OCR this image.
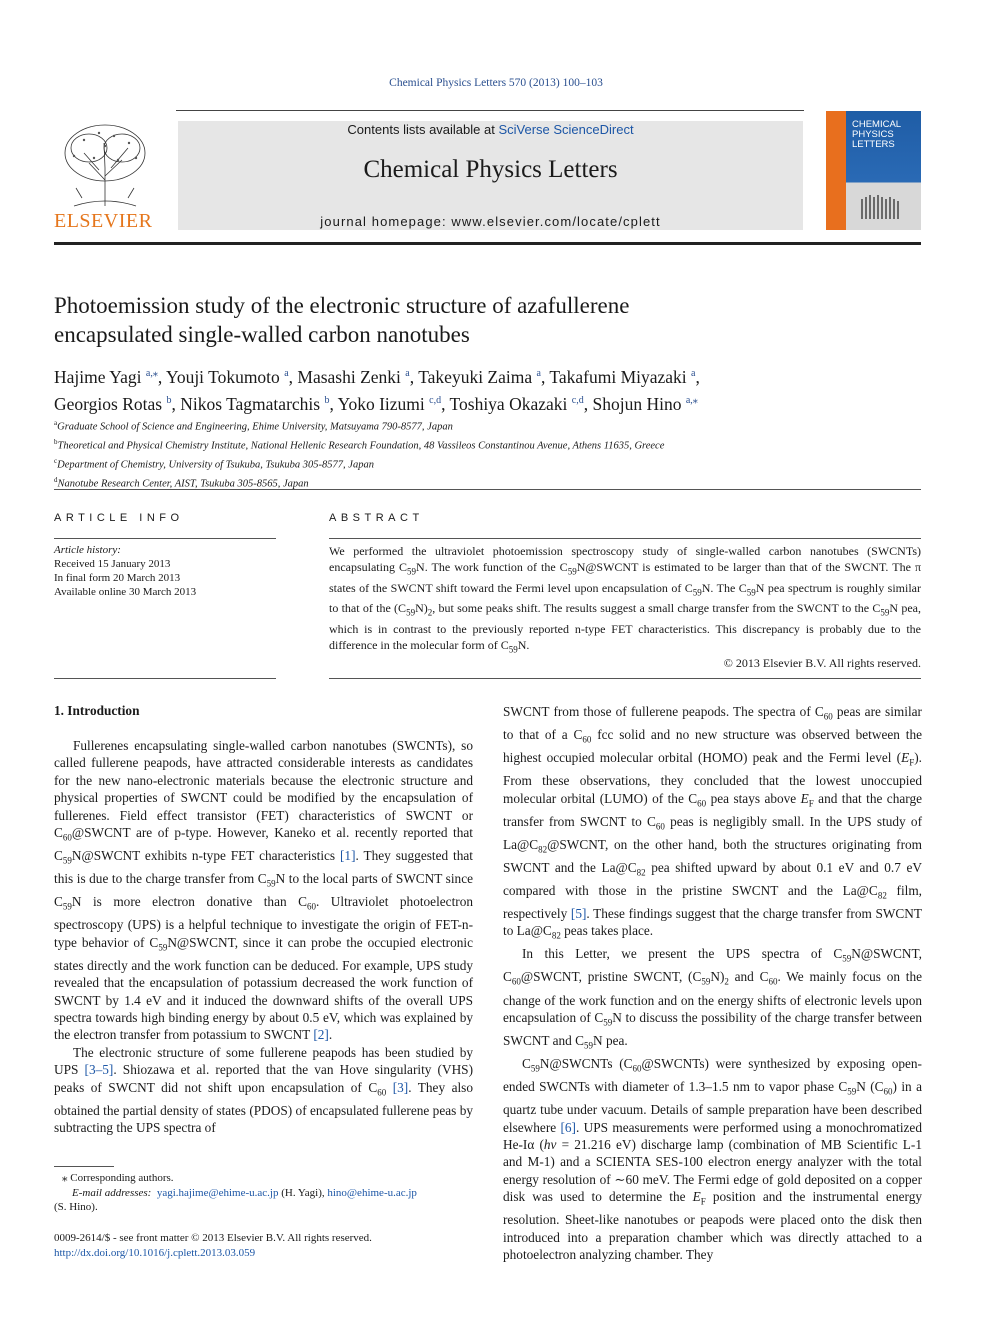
Chemical Physics Letters 570 (2013) 100–103
ELSEVIER
Contents lists available at SciVerse ScienceDirect
Chemical Physics Letters
journal homepage: www.elsevier.com/locate/cplett
CHEMICAL
PHYSICS
LETTERS
Photoemission study of the electronic structure of azafullerene
encapsulated single-walled carbon nanotubes
Hajime Yagi $^{a,⁎}$, Youji Tokumoto $^a$, Masashi Zenki $^a$, Takeyuki Zaima $^a$, Takafumi Miyazaki $^a$,
Georgios Rotas $^b$, Nikos Tagmatarchis $^b$, Yoko Iizumi $^{c,d}$, Toshiya Okazaki $^{c,d}$, Shojun Hino $^{a,⁎}$
$^a$Graduate School of Science and Engineering, Ehime University, Matsuyama 790-8577, Japan
$^b$Theoretical and Physical Chemistry Institute, National Hellenic Research Foundation, 48 Vassileos Constantinou Avenue, Athens 11635, Greece
$^c$Department of Chemistry, University of Tsukuba, Tsukuba 305-8577, Japan
$^d$Nanotube Research Center, AIST, Tsukuba 305-8565, Japan
ARTICLE INFO
Article history:
Received 15 January 2013
In final form 20 March 2013
Available online 30 March 2013
ABSTRACT
We performed the ultraviolet photoemission spectroscopy study of single-walled carbon nanotubes (SWCNTs) encapsulating $C_{59}N$. The work function of the $C_{59}N@SWCNT$ is estimated to be larger than that of the SWCNT. The π states of the SWCNT shift toward the Fermi level upon encapsulation of $C_{59}N$. The $C_{59}N$ pea spectrum is roughly similar to that of the $(C_{59}N)_2$, but some peaks shift. The results suggest a small charge transfer from the SWCNT to the $C_{59}N$ pea, which is in contrast to the previously reported n-type FET characteristics. This discrepancy is probably due to the difference in the molecular form of $C_{59}N$.
© 2013 Elsevier B.V. All rights reserved.
1. Introduction

Fullerenes encapsulating single-walled carbon nanotubes (SWCNTs), so called fullerene peapods, have attracted considerable interests as candidates for the new nano-electronic materials because the electronic structure and physical properties of SWCNT could be modified by the encapsulation of fullerenes. Field effect transistor (FET) characteristics of SWCNT or $C_{60}@SWCNT$ are of p-type. However, Kaneko et al. recently reported that $C_{59}N@SWCNT$ exhibits n-type FET characteristics [1]. They suggested that this is due to the charge transfer from $C_{59}N$ to the local parts of SWCNT since $C_{59}N$ is more electron donative than $C_{60}$. Ultraviolet photoelectron spectroscopy (UPS) is a helpful technique to investigate the origin of FET-n-type behavior of $C_{59}N@SWCNT$, since it can probe the occupied electronic states directly and the work function can be deduced. For example, UPS study revealed that the encapsulation of potassium decreased the work function of SWCNT by 1.4 eV and it induced the downward shifts of the overall UPS spectra towards high binding energy by about 0.5 eV, which was explained by the electron transfer from potassium to SWCNT [2].

The electronic structure of some fullerene peapods has been studied by UPS [3–5]. Shiozawa et al. reported that the van Hove singularity (VHS) peaks of SWCNT did not shift upon encapsulation of $C_{60}$ [3]. They also obtained the partial density of states (PDOS) of encapsulated fullerene peas by subtracting the UPS spectra of

SWCNT from those of fullerene peapods. The spectra of $C_{60}$ peas are similar to that of a $C_{60}$ fcc solid and no new structure was observed between the highest occupied molecular orbital (HOMO) peak and the Fermi level $(E_F)$. From these observations, they concluded that the lowest unoccupied molecular orbital (LUMO) of the $C_{60}$ pea stays above $E_F$ and that the charge transfer from SWCNT to $C_{60}$ peas is negligibly small. In the UPS study of $La@C_{82}@SWCNT$, on the other hand, both the structures originating from SWCNT and the $La@C_{82}$ pea shifted upward by about 0.1 eV and 0.7 eV compared with those in the pristine SWCNT and the $La@C_{82}$ film, respectively [5]. These findings suggest that the charge transfer from SWCNT to $La@C_{82}$ peas takes place.

In this Letter, we present the UPS spectra of $C_{59}N@SWCNT$, $C_{60}@SWCNT$, pristine SWCNT, $(C_{59}N)_2$ and $C_{60}$. We mainly focus on the change of the work function and on the energy shifts of electronic levels upon encapsulation of $C_{59}N$ to discuss the possibility of the charge transfer between SWCNT and $C_{59}N$ pea.

$C_{59}N@SWCNTs$ $(C_{60}@SWCNTs)$ were synthesized by exposing open-ended SWCNTs with diameter of 1.3–1.5 nm to vapor phase $C_{59}N$ $(C_{60})$ in a quartz tube under vacuum. Details of sample preparation have been described elsewhere [6]. UPS measurements were performed using a monochromatized He-Iα (hν = 21.216 eV) discharge lamp (combination of MB Scientific L-1 and M-1) and a SCIENTA SES-100 electron energy analyzer with the total energy resolution of ∼60 meV. The Fermi edge of gold deposited on a copper disk was used to determine the $E_F$ position and the instrumental energy resolution. Sheet-like nanotubes or peapods were placed onto the disk then introduced into a preparation chamber which was directly attached to a photoelectron analyzing chamber. They

⁎ Corresponding authors.
E-mail addresses: yagi.hajime@ehime-u.ac.jp (H. Yagi), hino@ehime-u.ac.jp
(S. Hino).
0009-2614/$ - see front matter © 2013 Elsevier B.V. All rights reserved.
http://dx.doi.org/10.1016/j.cplett.2013.03.059
